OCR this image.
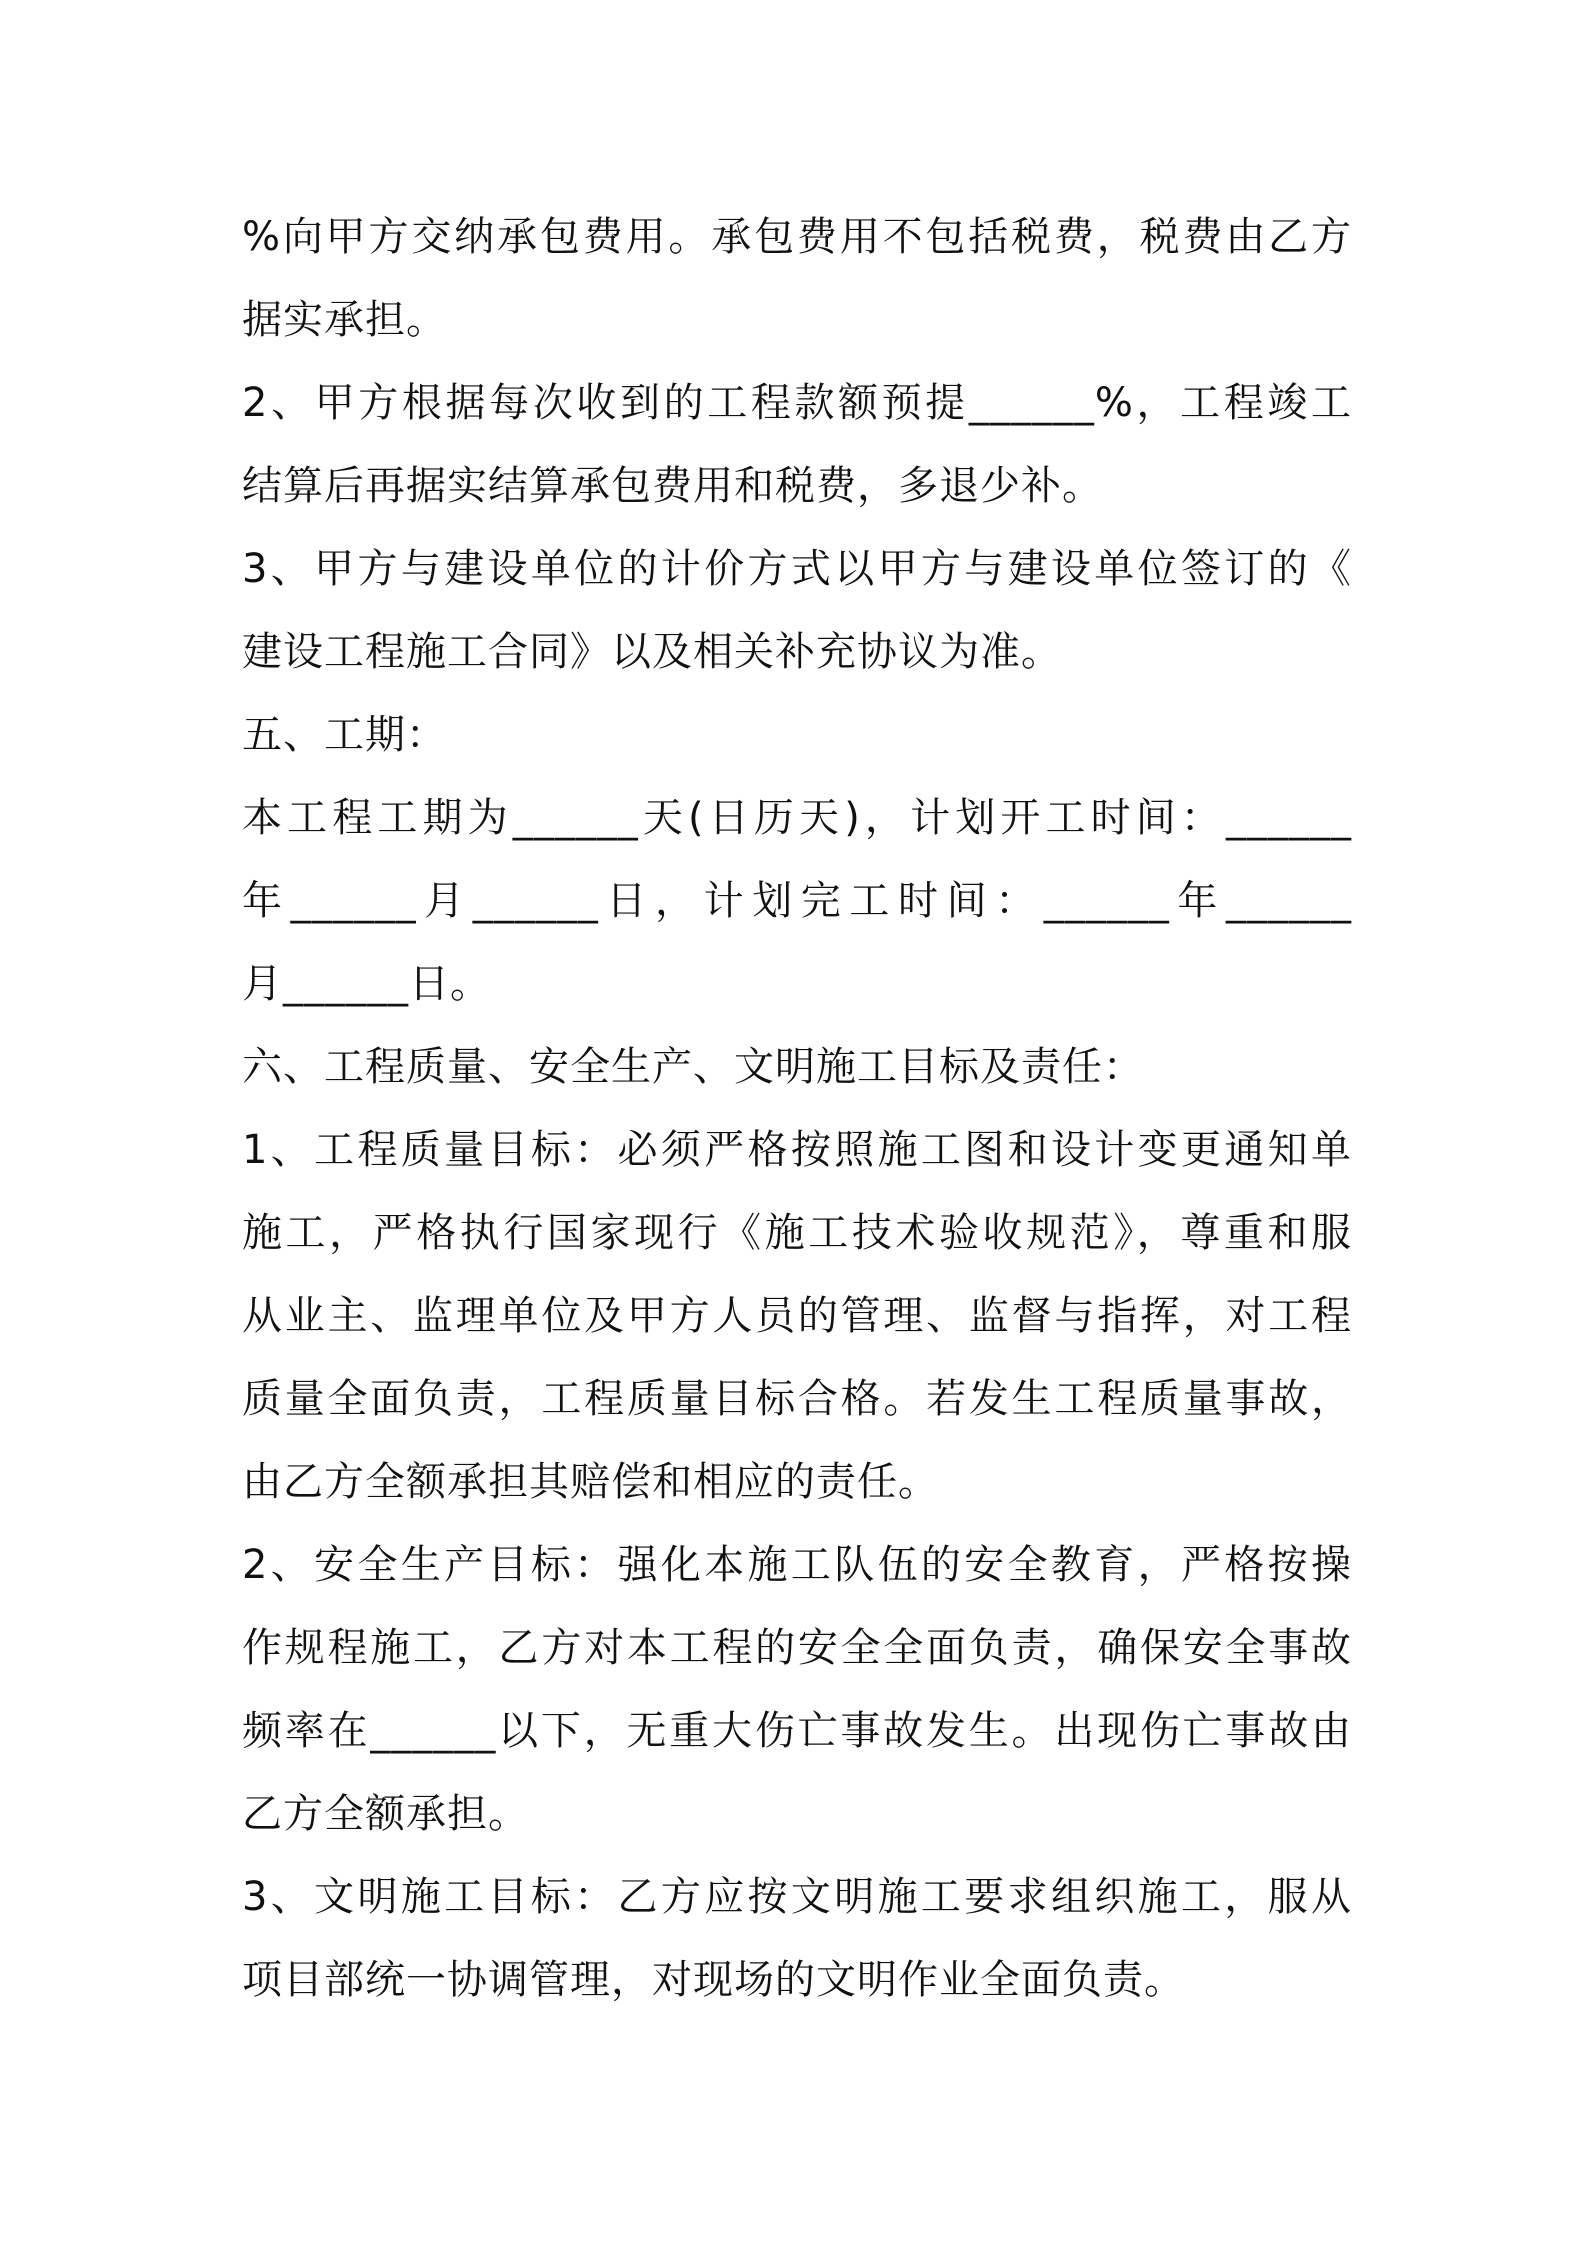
%向甲方交纳承包费用。承包费用不包括税费，税费由乙方
据实承担。
2、甲方根据每次收到的工程款额预提______%，工程竣工
结算后再据实结算承包费用和税费，多退少补。
3、甲方与建设单位的计价方式以甲方与建设单位签订的《
建设工程施工合同》以及相关补充协议为准。
五、工期：
本工程工期为______天(日历天)，计划开工时间：______
年______月______日，计划完工时间：______年______
月______日。
六、工程质量、安全生产、文明施工目标及责任：
1、工程质量目标：必须严格按照施工图和设计变更通知单
施工，严格执行国家现行《施工技术验收规范》，尊重和服
从业主、监理单位及甲方人员的管理、监督与指挥，对工程
质量全面负责，工程质量目标合格。若发生工程质量事故，
由乙方全额承担其赔偿和相应的责任。
2、安全生产目标：强化本施工队伍的安全教育，严格按操
作规程施工，乙方对本工程的安全全面负责，确保安全事故
频率在______以下，无重大伤亡事故发生。出现伤亡事故由
乙方全额承担。
3、文明施工目标：乙方应按文明施工要求组织施工，服从
项目部统一协调管理，对现场的文明作业全面负责。
